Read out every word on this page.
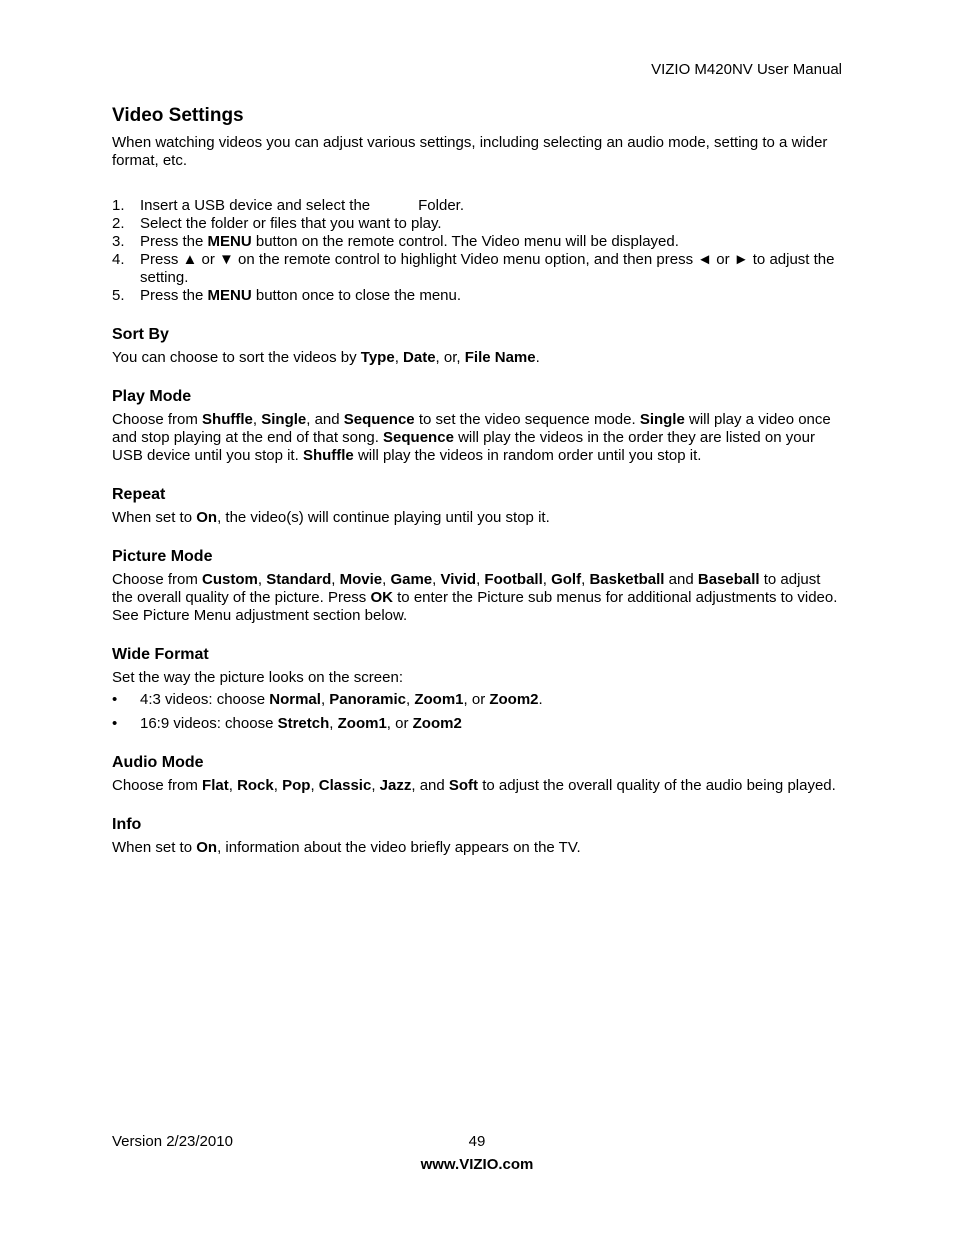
VIZIO M420NV User Manual
Video Settings

When watching videos you can adjust various settings, including selecting an audio mode, setting to a wider format, etc.

1. Insert a USB device and select the	Folder.
2. Select the folder or files that you want to play.
3. Press the MENU button on the remote control. The Video menu will be displayed.
4. Press ▲ or ▼ on the remote control to highlight Video menu option, and then press ◄ or ► to adjust the setting.
5. Press the MENU button once to close the menu.
Sort By

You can choose to sort the videos by Type, Date, or, File Name.

Play Mode

Choose from Shuffle, Single, and Sequence to set the video sequence mode. Single will play a video once and stop playing at the end of that song. Sequence will play the videos in the order they are listed on your USB device until you stop it. Shuffle will play the videos in random order until you stop it.

Repeat

When set to On, the video(s) will continue playing until you stop it.

Picture Mode

Choose from Custom, Standard, Movie, Game, Vivid, Football, Golf, Basketball and Baseball to adjust the overall quality of the picture. Press OK to enter the Picture sub menus for additional adjustments to video. See Picture Menu adjustment section below.

Wide Format

Set the way the picture looks on the screen:

• 4:3 videos: choose Normal, Panoramic, Zoom1, or Zoom2.
• 16:9 videos: choose Stretch, Zoom1, or Zoom2
Audio Mode

Choose from Flat, Rock, Pop, Classic, Jazz, and Soft to adjust the overall quality of the audio being played.

Info

When set to On, information about the video briefly appears on the TV.

Version 2/23/2010	49
www.VIZIO.com
